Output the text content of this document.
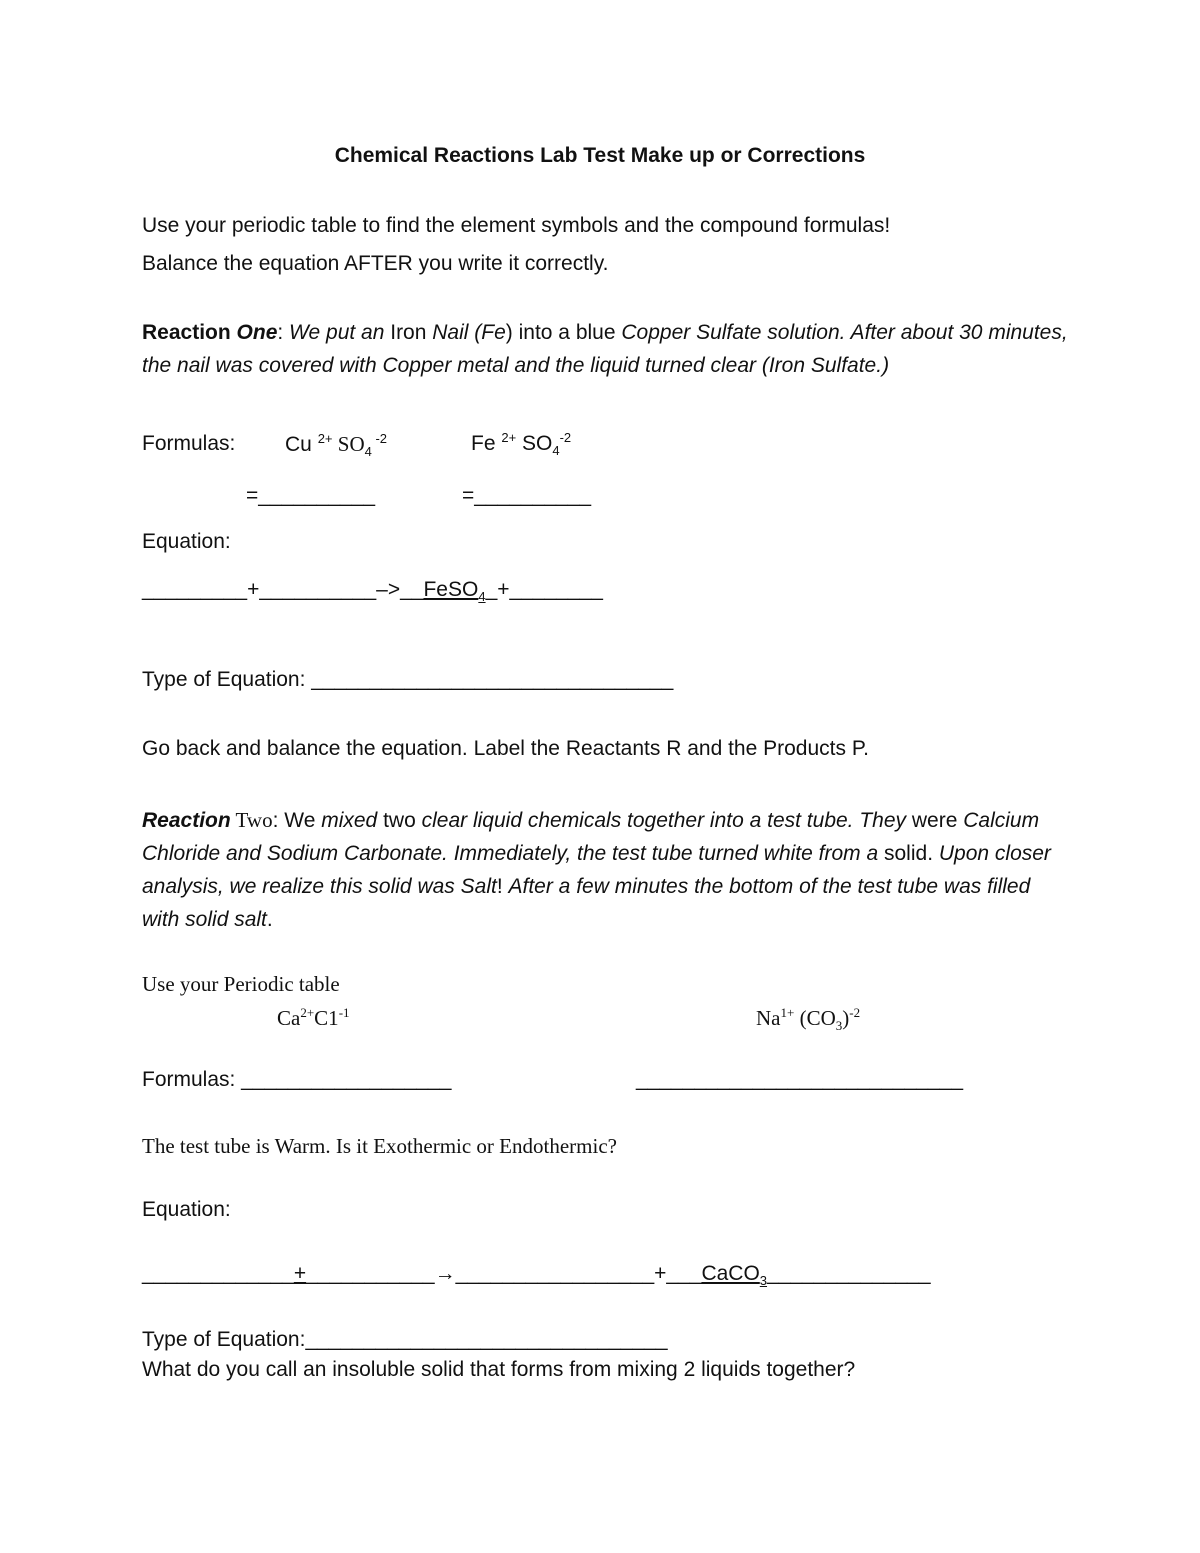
Chemical Reactions Lab Test Make up or Corrections
Use your periodic table to find the element symbols and the compound formulas!
Balance the equation AFTER you write it correctly.
Reaction One: We put an Iron Nail (Fe) into a blue Copper Sulfate solution. After about 30 minutes, the nail was covered with Copper metal and the liquid turned clear (Iron Sulfate.)
Formulas: Cu $^{2+}$ $SO_4$ $^{-2}$	Fe $^{2+}$ $SO_4^{-2}$
=__________	=__________
Equation:
_________+__________–>__FeSO$_4$_+________
Type of Equation: _______________________________
Go back and balance the equation. Label the Reactants R and the Products P.
Reaction Two: We mixed two clear liquid chemicals together into a test tube. They were Calcium Chloride and Sodium Carbonate. Immediately, the test tube turned white from a solid. Upon closer analysis, we realize this solid was Salt! After a few minutes the bottom of the test tube was filled with solid salt.
Use your Periodic table
$Ca^{2+}C1^{-1}$	$Na^{1+}$ $(CO_3)^{-2}$
Formulas: __________________	____________________________
The test tube is Warm. Is it Exothermic or Endothermic?
Equation:
_____________+___________→_________________+___CaCO$_3$______________
Type of Equation:_______________________________
What do you call an insoluble solid that forms from mixing 2 liquids together?
